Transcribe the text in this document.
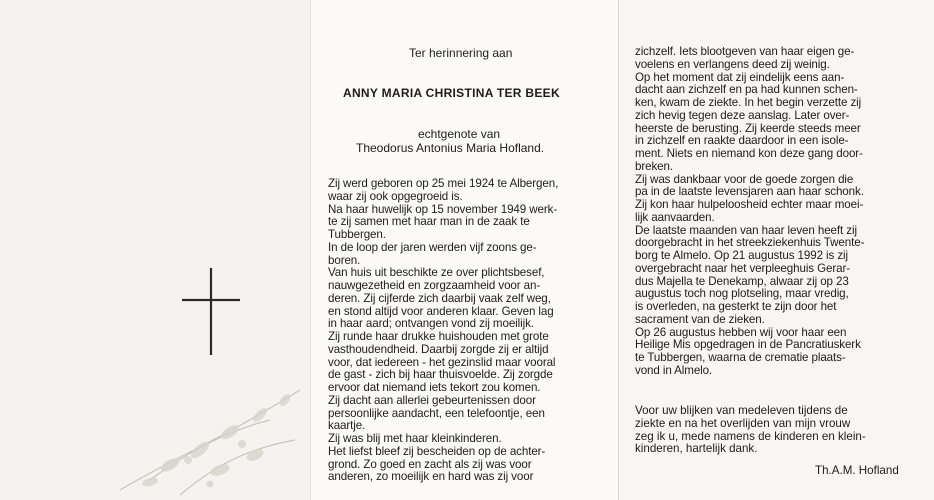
Ter herinnering aan
ANNY MARIA CHRISTINA TER BEEK
echtgenote van
Theodorus Antonius Maria Hofland.

Zij werd geboren op 25 mei 1924 te Albergen,

waar zij ook opgegroeid is.

Na haar huwelijk op 15 november 1949 werk-

te zij samen met haar man in de zaak te

Tubbergen.

In de loop der jaren werden vijf zoons ge-

boren.

Van huis uit beschikte ze over plichtsbesef,

nauwgezetheid en zorgzaamheid voor an-

deren. Zij cijferde zich daarbij vaak zelf weg,

en stond altijd voor anderen klaar. Geven lag

in haar aard; ontvangen vond zij moeilijk.

Zij runde haar drukke huishouden met grote

vasthoudendheid. Daarbij zorgde zij er altijd

voor, dat iedereen - het gezinslid maar vooral

de gast - zich bij haar thuisvoelde. Zij zorgde

ervoor dat niemand iets tekort zou komen.

Zij dacht aan allerlei gebeurtenissen door

persoonlijke aandacht, een telefoontje, een

kaartje.

Zij was blij met haar kleinkinderen.

Het liefst bleef zij bescheiden op de achter-

grond. Zo goed en zacht als zij was voor

anderen, zo moeilijk en hard was zij voor

zichzelf. Iets blootgeven van haar eigen ge-

voelens en verlangens deed zij weinig.

Op het moment dat zij eindelijk eens aan-

dacht aan zichzelf en pa had kunnen schen-

ken, kwam de ziekte. In het begin verzette zij

zich hevig tegen deze aanslag. Later over-

heerste de berusting. Zij keerde steeds meer

in zichzelf en raakte daardoor in een isole-

ment. Niets en niemand kon deze gang door-

breken.

Zij was dankbaar voor de goede zorgen die

pa in de laatste levensjaren aan haar schonk.

Zij kon haar hulpeloosheid echter maar moei-

lijk aanvaarden.

De laatste maanden van haar leven heeft zij

doorgebracht in het streekziekenhuis Twente-

borg te Almelo. Op 21 augustus 1992 is zij

overgebracht naar het verpleeghuis Gerar-

dus Majella te Denekamp, alwaar zij op 23

augustus toch nog plotseling, maar vredig,

is overleden, na gesterkt te zijn door het

sacrament van de zieken.

Op 26 augustus hebben wij voor haar een

Heilige Mis opgedragen in de Pancratiuskerk

te Tubbergen, waarna de crematie plaats-

vond in Almelo.

Voor uw blijken van medeleven tijdens de
ziekte en na het overlijden van mijn vrouw
zeg ik u, mede namens de kinderen en klein-
kinderen, hartelijk dank.
Th.A.M. Hofland
